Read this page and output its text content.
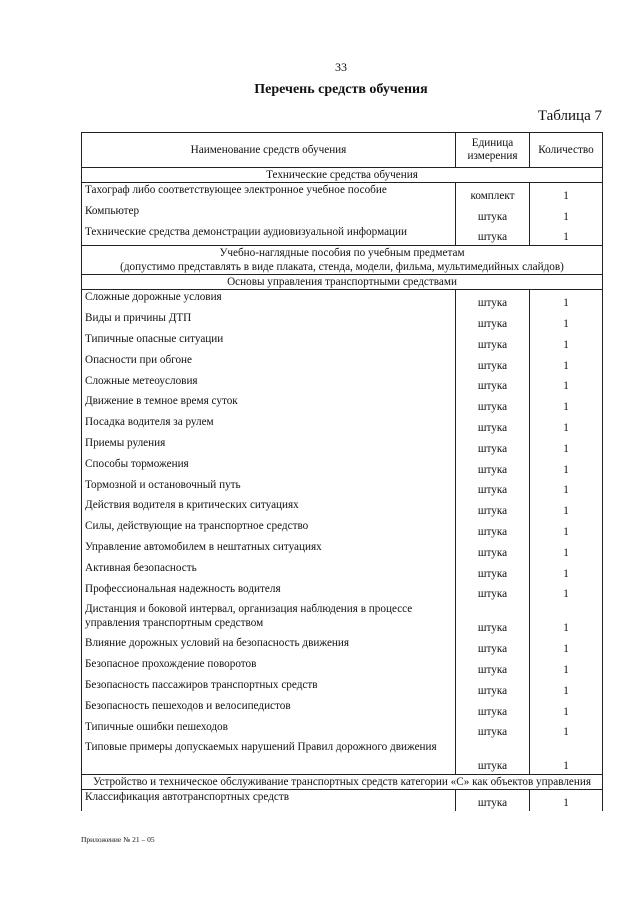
33
Перечень средств обучения
Таблица 7
Наименование средств обучения	Единица измерения	Количество
Технические средства обучения		
Тахограф либо соответствующее электронное учебное пособие	комплект	1
Компьютер	штука	1
Технические средства демонстрации аудиовизуальной информации	штука	1
Учебно-наглядные пособия по учебным предметам
(допустимо представлять в виде плаката, стенда, модели, фильма, мультимедийных слайдов)		
Основы управления транспортными средствами		
Сложные дорожные условия	штука	1
Виды и причины ДТП	штука	1
Типичные опасные ситуации	штука	1
Опасности при обгоне	штука	1
Сложные метеоусловия	штука	1
Движение в темное время суток	штука	1
Посадка водителя за рулем	штука	1
Приемы руления	штука	1
Способы торможения	штука	1
Тормозной и остановочный путь	штука	1
Действия водителя в критических ситуациях	штука	1
Силы, действующие на транспортное средство	штука	1
Управление автомобилем в нештатных ситуациях	штука	1
Активная безопасность	штука	1
Профессиональная надежность водителя	штука	1
Дистанция и боковой интервал, организация наблюдения в процессе управления транспортным средством	штука	1
Влияние дорожных условий на безопасность движения	штука	1
Безопасное прохождение поворотов	штука	1
Безопасность пассажиров транспортных средств	штука	1
Безопасность пешеходов и велосипедистов	штука	1
Типичные ошибки пешеходов	штука	1
Типовые примеры допускаемых нарушений Правил дорожного движения	штука	1
Устройство и техническое обслуживание транспортных средств категории «С» как объектов управления		
Классификация автотранспортных средств	штука	1
Приложение № 21 – 05
